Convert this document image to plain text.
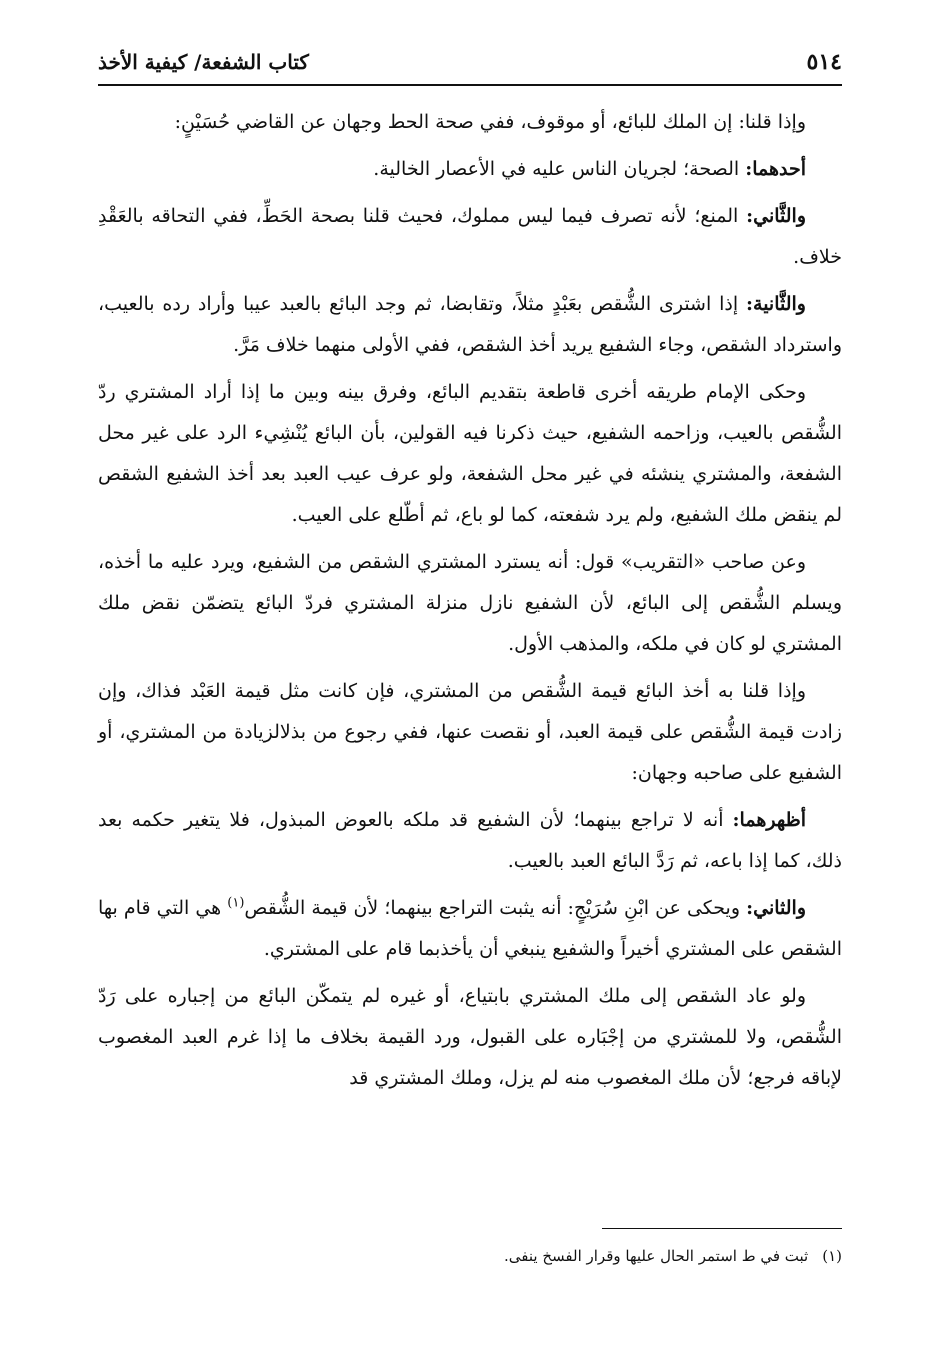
٥١٤
كتاب الشفعة/ كيفية الأخذ

وإذا قلنا: إن الملك للبائع، أو موقوف، ففي صحة الحط وجهان عن القاضي حُسَيْنٍ:

أحدهما: الصحة؛ لجريان الناس عليه في الأعصار الخالية.

والثَّاني: المنع؛ لأنه تصرف فيما ليس مملوك، فحيث قلنا بصحة الحَطِّ، ففي التحاقه بالعَقْدِ خلاف.

والثَّانية: إذا اشترى الشُّقص بعَبْدٍ مثلاً، وتقابضا، ثم وجد البائع بالعبد عيبا وأراد رده بالعيب، واسترداد الشقص، وجاء الشفيع يريد أخذ الشقص، ففي الأولى منهما خلاف مَرَّ.

وحكى الإمام طريقه أخرى قاطعة بتقديم البائع، وفرق بينه وبين ما إذا أراد المشتري ردّ الشُّقص بالعيب، وزاحمه الشفيع، حيث ذكرنا فيه القولين، بأن البائع يُنْشِيء الرد على غير محل الشفعة، والمشتري ينشئه في غير محل الشفعة، ولو عرف عيب العبد بعد أخذ الشفيع الشقص لم ينقض ملك الشفيع، ولم يرد شفعته، كما لو باع، ثم أطّلع على العيب.

وعن صاحب «التقريب» قول: أنه يسترد المشتري الشقص من الشفيع، ويرد عليه ما أخذه، ويسلم الشُّقص إلى البائع، لأن الشفيع نازل منزلة المشتري فردّ البائع يتضمّن نقض ملك المشتري لو كان في ملكه، والمذهب الأول.

وإذا قلنا به أخذ البائع قيمة الشُّقص من المشتري، فإن كانت مثل قيمة العَبْد فذاك، وإن زادت قيمة الشُّقص على قيمة العبد، أو نقصت عنها، ففي رجوع من بذلالزيادة من المشتري، أو الشفيع على صاحبه وجهان:

أظهرهما: أنه لا تراجع بينهما؛ لأن الشفيع قد ملكه بالعوض المبذول، فلا يتغير حكمه بعد ذلك، كما إذا باعه، ثم رَدَّ البائع العبد بالعيب.

والثاني: ويحكى عن ابْنِ سُرَيْجٍ: أنه يثبت التراجع بينهما؛ لأن قيمة الشُّقص$^{(١)}$ هي التي قام بها الشقص على المشتري أخيراً والشفيع ينبغي أن يأخذبما قام على المشتري.

ولو عاد الشقص إلى ملك المشتري بابتياع، أو غيره لم يتمكّن البائع من إجباره على رَدّ الشُّقص، ولا للمشتري من إجْبَاره على القبول، ورد القيمة بخلاف ما إذا غرم العبد المغصوب لإباقه فرجع؛ لأن ملك المغصوب منه لم يزل، وملك المشتري قد

(١)ثبت في ط استمر الحال عليها وقرار الفسخ ينفى.
